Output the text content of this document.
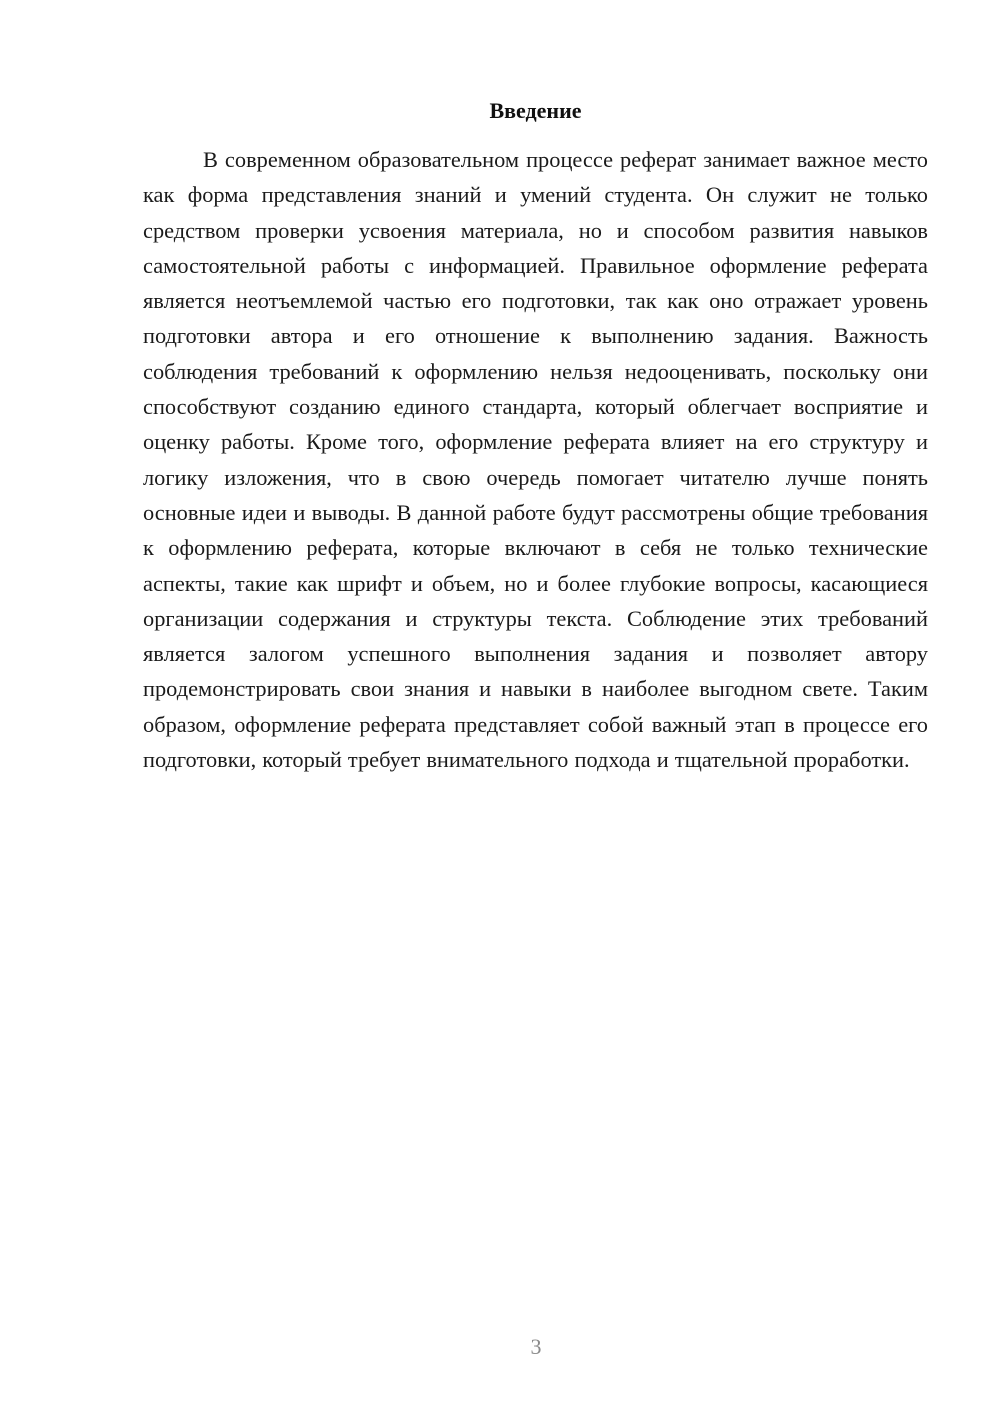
Введение

В современном образовательном процессе реферат занимает важное место как форма представления знаний и умений студента. Он служит не только средством проверки усвоения материала, но и способом развития навыков самостоятельной работы с информацией. Правильное оформление реферата является неотъемлемой частью его подготовки, так как оно отражает уровень подготовки автора и его отношение к выполнению задания. Важность соблюдения требований к оформлению нельзя недооценивать, поскольку они способствуют созданию единого стандарта, который облегчает восприятие и оценку работы. Кроме того, оформление реферата влияет на его структуру и логику изложения, что в свою очередь помогает читателю лучше понять основные идеи и выводы. В данной работе будут рассмотрены общие требования к оформлению реферата, которые включают в себя не только технические аспекты, такие как шрифт и объем, но и более глубокие вопросы, касающиеся организации содержания и структуры текста. Соблюдение этих требований является залогом успешного выполнения задания и позволяет автору продемонстрировать свои знания и навыки в наиболее выгодном свете. Таким образом, оформление реферата представляет собой важный этап в процессе его подготовки, который требует внимательного подхода и тщательной проработки.

3
